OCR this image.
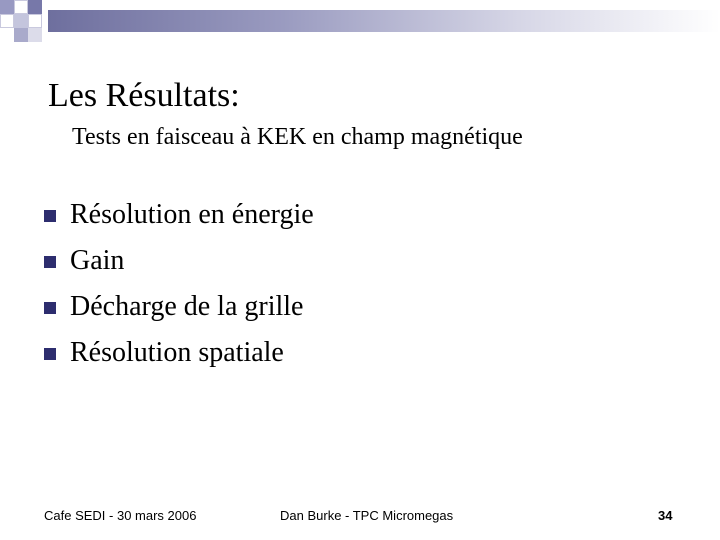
Les Résultats:
Tests en faisceau à KEK en champ magnétique
Résolution en énergie
Gain
Décharge de la grille
Résolution spatiale
Cafe SEDI - 30 mars 2006	Dan Burke - TPC Micromegas	34
